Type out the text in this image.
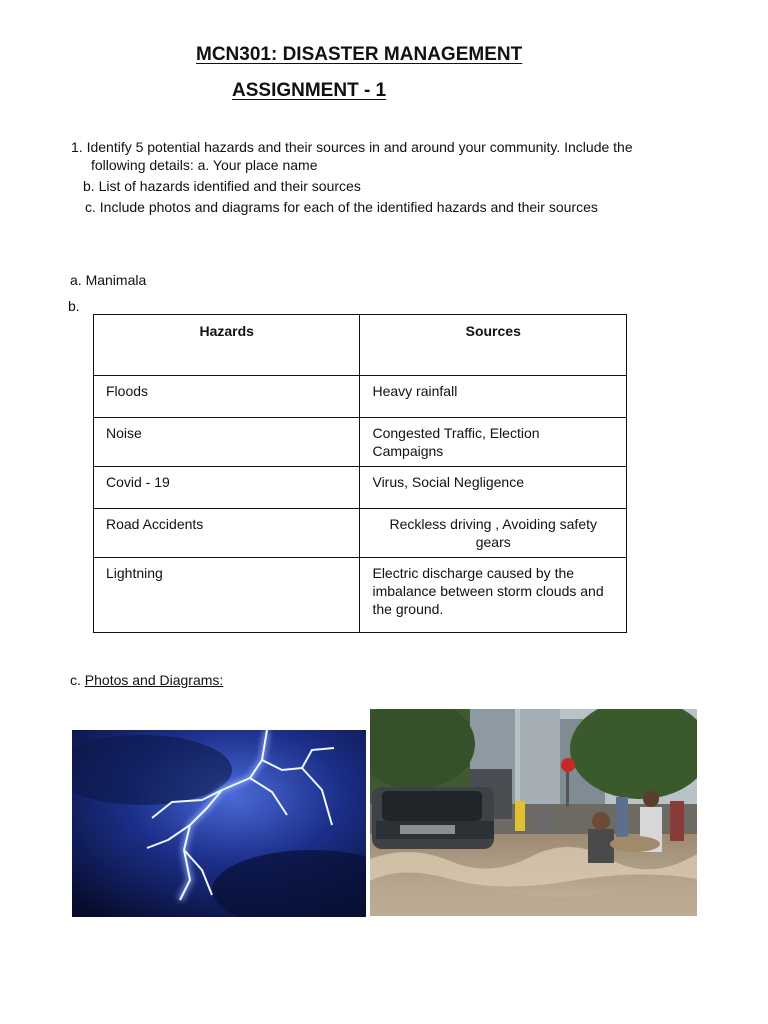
MCN301: DISASTER MANAGEMENT
ASSIGNMENT - 1
1. Identify 5 potential hazards and their sources in and around your community. Include the
following details: a. Your place name
b. List of hazards identified and their sources
c. Include photos and diagrams for each of the identified hazards and their sources
a. Manimala
b.
Hazards	Sources
Floods	Heavy rainfall
Noise	Congested Traffic, Election Campaigns
Covid - 19	Virus, Social Negligence
Road Accidents	Reckless driving , Avoiding safety gears
Lightning	Electric discharge caused by the imbalance between storm clouds and the ground.
c. Photos and Diagrams:
